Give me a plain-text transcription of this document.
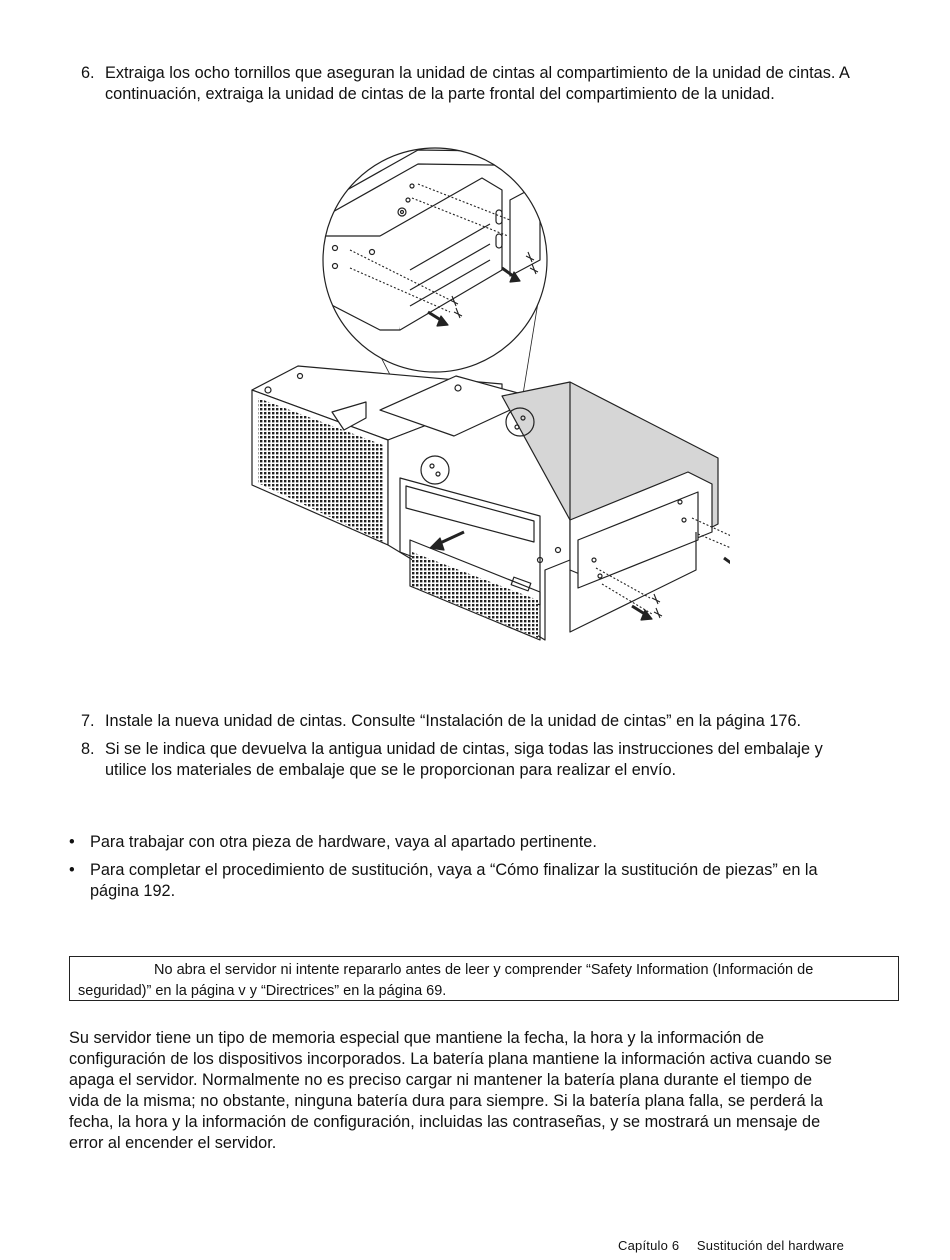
6. Extraiga los ocho tornillos que aseguran la unidad de cintas al compartimiento de la unidad de cintas. A
continuación, extraiga la unidad de cintas de la parte frontal del compartimiento de la unidad.
7. Instale la nueva unidad de cintas. Consulte “Instalación de la unidad de cintas” en la página 176.
8. Si se le indica que devuelva la antigua unidad de cintas, siga todas las instrucciones del embalaje y
utilice los materiales de embalaje que se le proporcionan para realizar el envío.
• Para trabajar con otra pieza de hardware, vaya al apartado pertinente.
• Para completar el procedimiento de sustitución, vaya a “Cómo finalizar la sustitución de piezas” en la
página 192.
No abra el servidor ni intente repararlo antes de leer y comprender “Safety Information (Información de
seguridad)” en la página v y “Directrices” en la página 69.
Su servidor tiene un tipo de memoria especial que mantiene la fecha, la hora y la información de
configuración de los dispositivos incorporados. La batería plana mantiene la información activa cuando se
apaga el servidor. Normalmente no es preciso cargar ni mantener la batería plana durante el tiempo de
vida de la misma; no obstante, ninguna batería dura para siempre. Si la batería plana falla, se perderá la
fecha, la hora y la información de configuración, incluidas las contraseñas, y se mostrará un mensaje de
error al encender el servidor.
Capítulo 6 Sustitución del hardware
